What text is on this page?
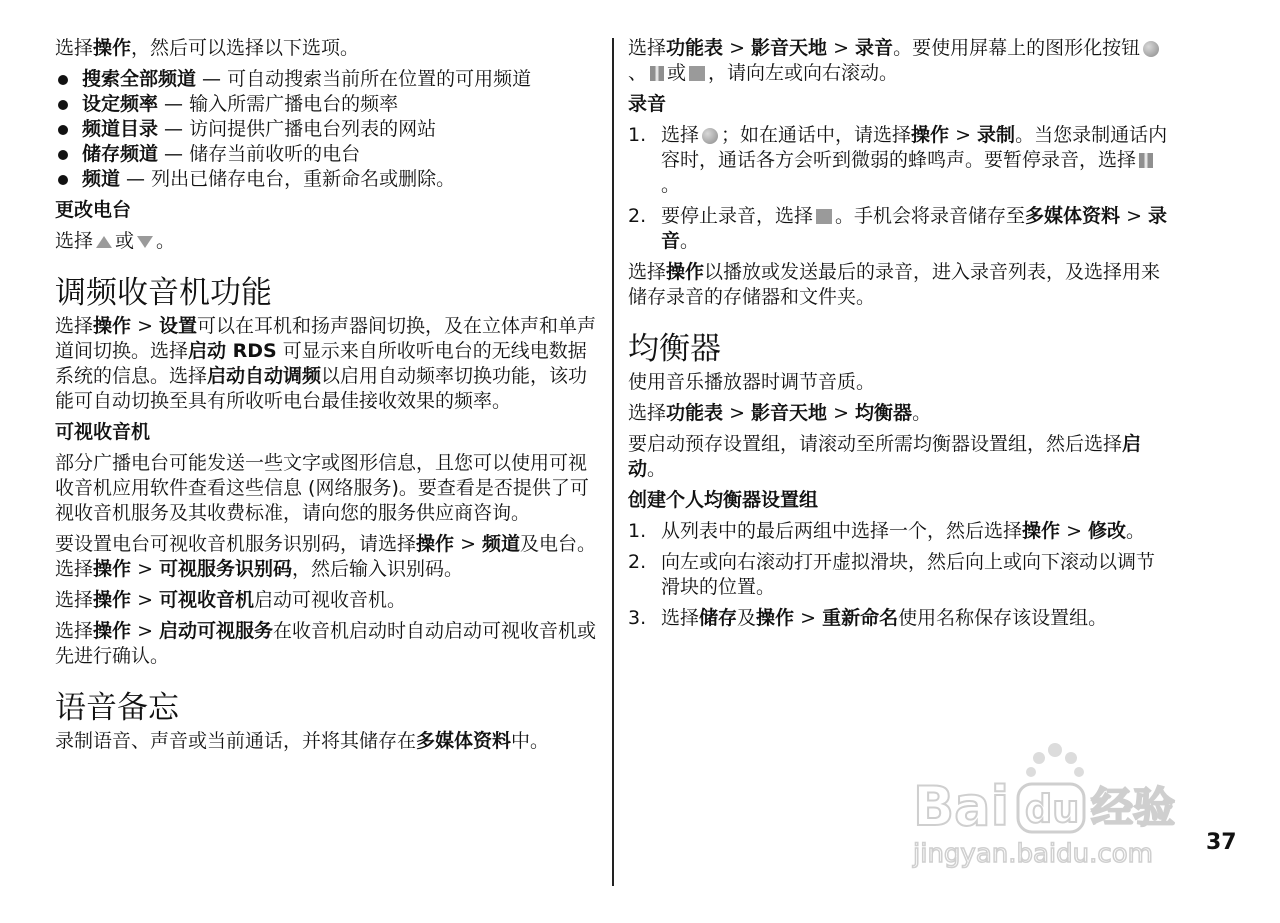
选择操作，然后可以选择以下选项。

搜索全部频道 — 可自动搜索当前所在位置的可用频道
设定频率 — 输入所需广播电台的频率
频道目录 — 访问提供广播电台列表的网站
储存频道 — 储存当前收听的电台
频道 — 列出已储存电台，重新命名或删除。
更改电台

选择 或 。

调频收音机功能

选择操作 > 设置可以在耳机和扬声器间切换，及在立体声和单声道间切换。选择启动 RDS 可显示来自所收听电台的无线电数据系统的信息。选择启动自动调频以启用自动频率切换功能，该功能可自动切换至具有所收听电台最佳接收效果的频率。

可视收音机

部分广播电台可能发送一些文字或图形信息，且您可以使用可视收音机应用软件查看这些信息 (网络服务)。要查看是否提供了可视收音机服务及其收费标准，请向您的服务供应商咨询。

要设置电台可视收音机服务识别码，请选择操作 > 频道及电台。选择操作 > 可视服务识别码，然后输入识别码。

选择操作 > 可视收音机启动可视收音机。

选择操作 > 启动可视服务在收音机启动时自动启动可视收音机或先进行确认。

语音备忘

录制语音、声音或当前通话，并将其储存在多媒体资料中。

选择功能表 > 影音天地 > 录音。要使用屏幕上的图形化按钮、 或 ，请向左或向右滚动。

录音
1. 选择 ；如在通话中，请选择操作 > 录制。当您录制通话内容时，通话各方会听到微弱的蜂鸣声。要暂停录音，选择。
2. 要停止录音，选择 。手机会将录音储存至多媒体资料 > 录音。

选择操作以播放或发送最后的录音，进入录音列表，及选择用来储存录音的存储器和文件夹。

均衡器

使用音乐播放器时调节音质。

选择功能表 > 影音天地 > 均衡器。

要启动预存设置组，请滚动至所需均衡器设置组，然后选择启动。

创建个人均衡器设置组
1. 从列表中的最后两组中选择一个，然后选择操作 > 修改。
2. 向左或向右滚动打开虚拟滑块，然后向上或向下滚动以调节滑块的位置。
3. 选择储存及操作 > 重新命名使用名称保存该设置组。
Bai du 经验
jingyan.baidu.com 37
